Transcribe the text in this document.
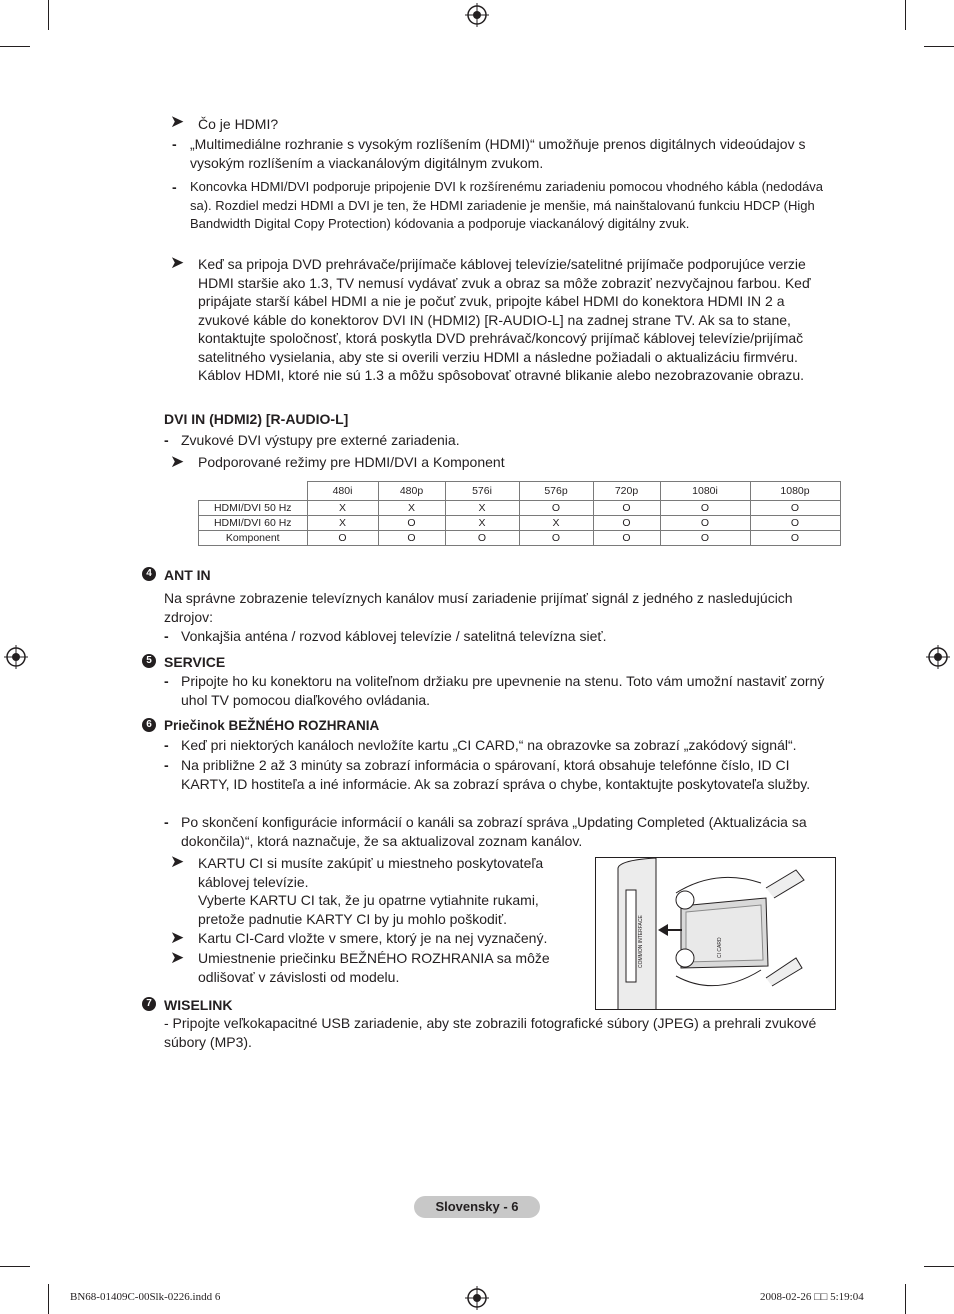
➤ Čo je HDMI?
- „Multimediálne rozhranie s vysokým rozlíšením (HDMI)“ umožňuje prenos digitálnych videoúdajov s vysokým rozlíšením a viackanálovým digitálnym zvukom.
- Koncovka HDMI/DVI podporuje pripojenie DVI k rozšírenému zariadeniu pomocou vhodného kábla (nedodáva sa). Rozdiel medzi HDMI a DVI je ten, že HDMI zariadenie je menšie, má nainštalovanú funkciu HDCP (High Bandwidth Digital Copy Protection) kódovania a podporuje viackanálový digitálny zvuk.
➤ Keď sa pripoja DVD prehrávače/prijímače káblovej televízie/satelitné prijímače podporujúce verzie HDMI staršie ako 1.3, TV nemusí vydávať zvuk a obraz sa môže zobraziť nezvyčajnou farbou. Keď pripájate starší kábel HDMI a nie je počuť zvuk, pripojte kábel HDMI do konektora HDMI IN 2 a zvukové káble do konektorov DVI IN (HDMI2) [R-AUDIO-L] na zadnej strane TV. Ak sa to stane, kontaktujte spoločnosť, ktorá poskytla DVD prehrávač/koncový prijímač káblovej televízie/prijímač satelitného vysielania, aby ste si overili verziu HDMI a následne požiadali o aktualizáciu firmvéru. Káblov HDMI, ktoré nie sú 1.3 a môžu spôsobovať otravné blikanie alebo nezobrazovanie obrazu.
DVI IN (HDMI2) [R-AUDIO-L]
- Zvukové DVI výstupy pre externé zariadenia.
➤ Podporované režimy pre HDMI/DVI a Komponent
	480i	480p	576i	576p	720p	1080i	1080p
HDMI/DVI 50 Hz	X	X	X	O	O	O	O
HDMI/DVI 60 Hz	X	O	X	X	O	O	O
Komponent	O	O	O	O	O	O	O
4 ANT IN
Na správne zobrazenie televíznych kanálov musí zariadenie prijímať signál z jedného z nasledujúcich zdrojov:
- Vonkajšia anténa / rozvod káblovej televízie / satelitná televízna sieť.
5 SERVICE
- Pripojte ho ku konektoru na voliteľnom držiaku pre upevnenie na stenu. Toto vám umožní nastaviť zorný uhol TV pomocou diaľkového ovládania.
6 Priečinok BEŽNÉHO ROZHRANIA
- Keď pri niektorých kanáloch nevložíte kartu „CI CARD,“ na obrazovke sa zobrazí „zakódový signál“.
- Na približne 2 až 3 minúty sa zobrazí informácia o spárovaní, ktorá obsahuje telefónne číslo, ID CI KARTY, ID hostiteľa a iné informácie. Ak sa zobrazí správa o chybe, kontaktujte poskytovateľa služby.
- Po skončení konfigurácie informácií o kanáli sa zobrazí správa „Updating Completed (Aktualizácia sa dokončila)“, ktorá naznačuje, že sa aktualizoval zoznam kanálov.
➤ KARTU CI si musíte zakúpiť u miestneho poskytovateľa káblovej televízie.
Vyberte KARTU CI tak, že ju opatrne vytiahnite rukami, pretože padnutie KARTY CI by ju mohlo poškodiť.
➤ Kartu CI-Card vložte v smere, ktorý je na nej vyznačený.
➤ Umiestnenie priečinku BEŽNÉHO ROZHRANIA sa môže odlišovať v závislosti od modelu.
COMMON INTERFACE	CI CARD
7 WISELINK
- Pripojte veľkokapacitné USB zariadenie, aby ste zobrazili fotografické súbory (JPEG) a prehrali zvukové súbory (MP3).
Slovensky - 6
BN68-01409C-00Slk-0226.indd 6	2008-02-26 □□ 5:19:04
